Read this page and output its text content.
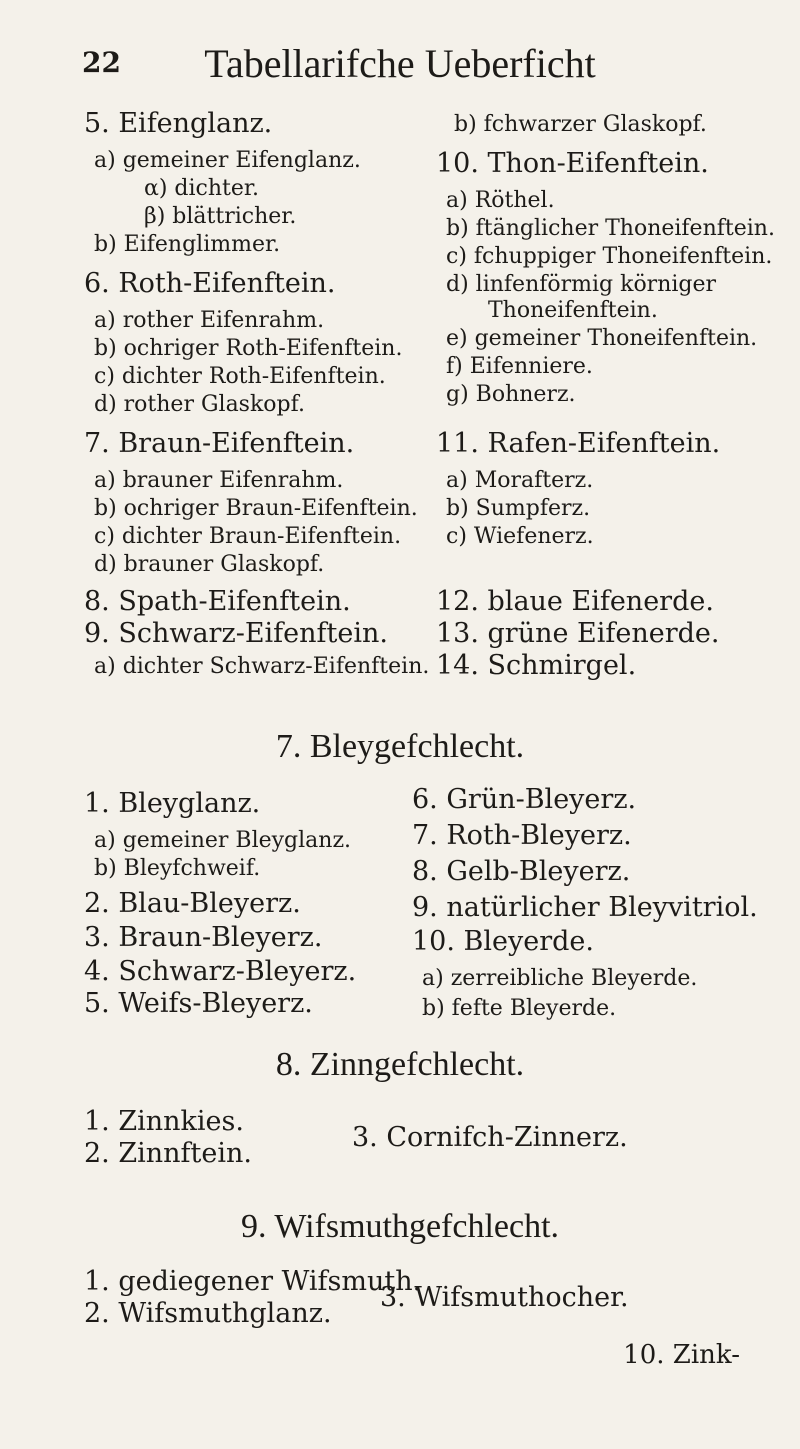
22	Tabellarifche Ueberficht
5. Eifenglanz.
a) gemeiner Eifenglanz.
α) dichter.
β) blättricher.
b) Eifenglimmer.
6. Roth-Eifenftein.
a) rother Eifenrahm.
b) ochriger Roth-Eifenftein.
c) dichter Roth-Eifenftein.
d) rother Glaskopf.
7. Braun-Eifenftein.
a) brauner Eifenrahm.
b) ochriger Braun-Eifenftein.
c) dichter Braun-Eifenftein.
d) brauner Glaskopf.
8. Spath-Eifenftein.
9. Schwarz-Eifenftein.
a) dichter Schwarz-Eifenftein.
b) fchwarzer Glaskopf.
10. Thon-Eifenftein.
a) Röthel.
b) ftänglicher Thoneifenftein.
c) fchuppiger Thoneifenftein.
d) linfenförmig körniger
Thoneifenftein.
e) gemeiner Thoneifenftein.
f) Eifenniere.
g) Bohnerz.
11. Rafen-Eifenftein.
a) Morafterz.
b) Sumpferz.
c) Wiefenerz.
12. blaue Eifenerde.
13. grüne Eifenerde.
14. Schmirgel.
7. Bleygefchlecht.
1. Bleyglanz.
a) gemeiner Bleyglanz.
b) Bleyfchweif.
2. Blau-Bleyerz.
3. Braun-Bleyerz.
4. Schwarz-Bleyerz.
5. Weifs-Bleyerz.
6. Grün-Bleyerz.
7. Roth-Bleyerz.
8. Gelb-Bleyerz.
9. natürlicher Bleyvitriol.
10. Bleyerde.
a) zerreibliche Bleyerde.
b) fefte Bleyerde.
8. Zinngefchlecht.
1. Zinnkies.
2. Zinnftein.
3. Cornifch-Zinnerz.
9. Wifsmuthgefchlecht.
1. gediegener Wifsmuth.
2. Wifsmuthglanz.
3. Wifsmuthocher.
10. Zink-
